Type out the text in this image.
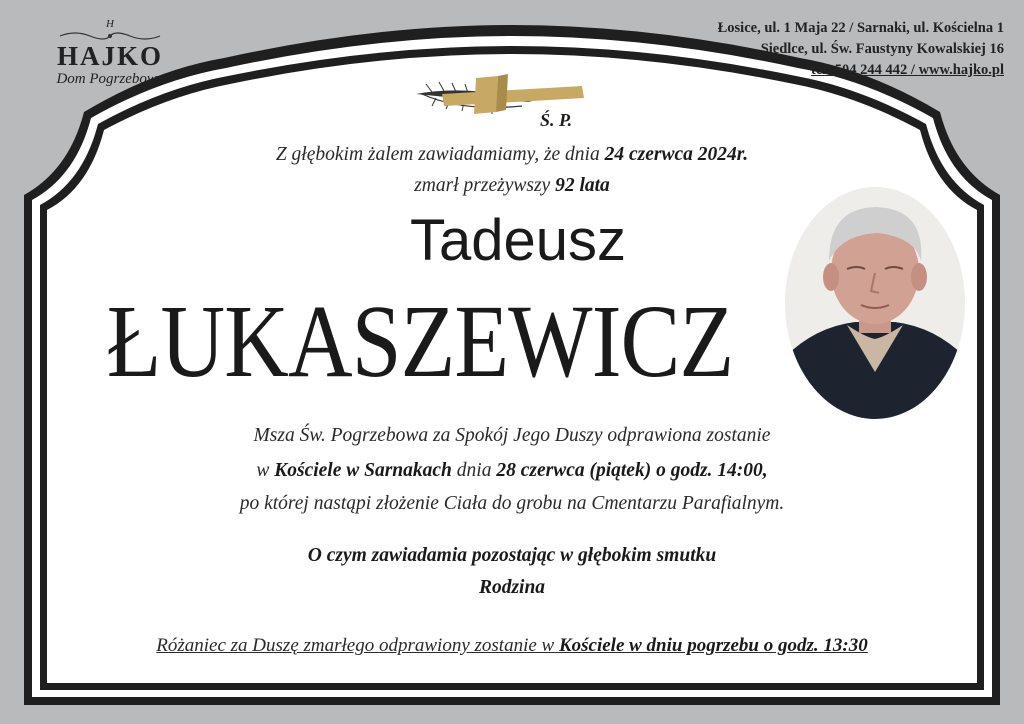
H
HAJKO
Dom Pogrzebowy
Łosice, ul. 1 Maja 22 / Sarnaki, ul. Kościelna 1
Siedlce, ul. Św. Faustyny Kowalskiej 16
tel: 504 244 442 / www.hajko.pl
Ś. P.
Z głębokim żalem zawiadamiamy, że dnia 24 czerwca 2024r.
zmarł przeżywszy 92 lata
Tadeusz
ŁUKASZEWICZ
Msza Św. Pogrzebowa za Spokój Jego Duszy odprawiona zostanie
w Kościele w Sarnakach dnia 28 czerwca (piątek) o godz. 14:00,
po której nastąpi złożenie Ciała do grobu na Cmentarzu Parafialnym.
O czym zawiadamia pozostając w głębokim smutku
Rodzina
Różaniec za Duszę zmarłego odprawiony zostanie w Kościele w dniu pogrzebu o godz. 13:30
